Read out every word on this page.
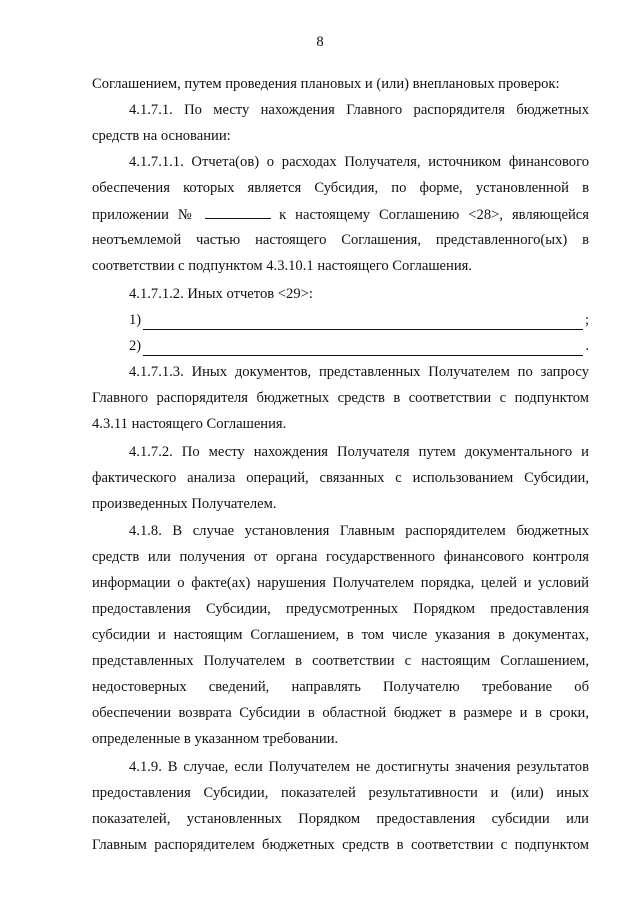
8
Соглашением, путем проведения плановых и (или) внеплановых проверок:
4.1.7.1. По месту нахождения Главного распорядителя бюджетных
средств на основании:
4.1.7.1.1. Отчета(ов) о расходах Получателя, источником финансового
обеспечения которых является Субсидия, по форме, установленной в
приложении №	к настоящему Соглашению <28>, являющейся
неотъемлемой частью настоящего Соглашения, представленного(ых) в
соответствии с подпунктом 4.3.10.1 настоящего Соглашения.
4.1.7.1.2. Иных отчетов <29>:
1)	;
2)	.
4.1.7.1.3. Иных документов, представленных Получателем по запросу
Главного распорядителя бюджетных средств в соответствии с подпунктом
4.3.11 настоящего Соглашения.
4.1.7.2. По месту нахождения Получателя путем документального и
фактического анализа операций, связанных с использованием Субсидии,
произведенных Получателем.
4.1.8. В случае установления Главным распорядителем бюджетных
средств или получения от органа государственного финансового контроля
информации о факте(ах) нарушения Получателем порядка, целей и условий
предоставления Субсидии, предусмотренных Порядком предоставления
субсидии и настоящим Соглашением, в том числе указания в документах,
представленных Получателем в соответствии с настоящим Соглашением,
недостоверных сведений, направлять Получателю требование об
обеспечении возврата Субсидии в областной бюджет в размере и в сроки,
определенные в указанном требовании.
4.1.9. В случае, если Получателем не достигнуты значения результатов
предоставления Субсидии, показателей результативности и (или) иных
показателей, установленных Порядком предоставления субсидии или
Главным распорядителем бюджетных средств в соответствии с подпунктом
